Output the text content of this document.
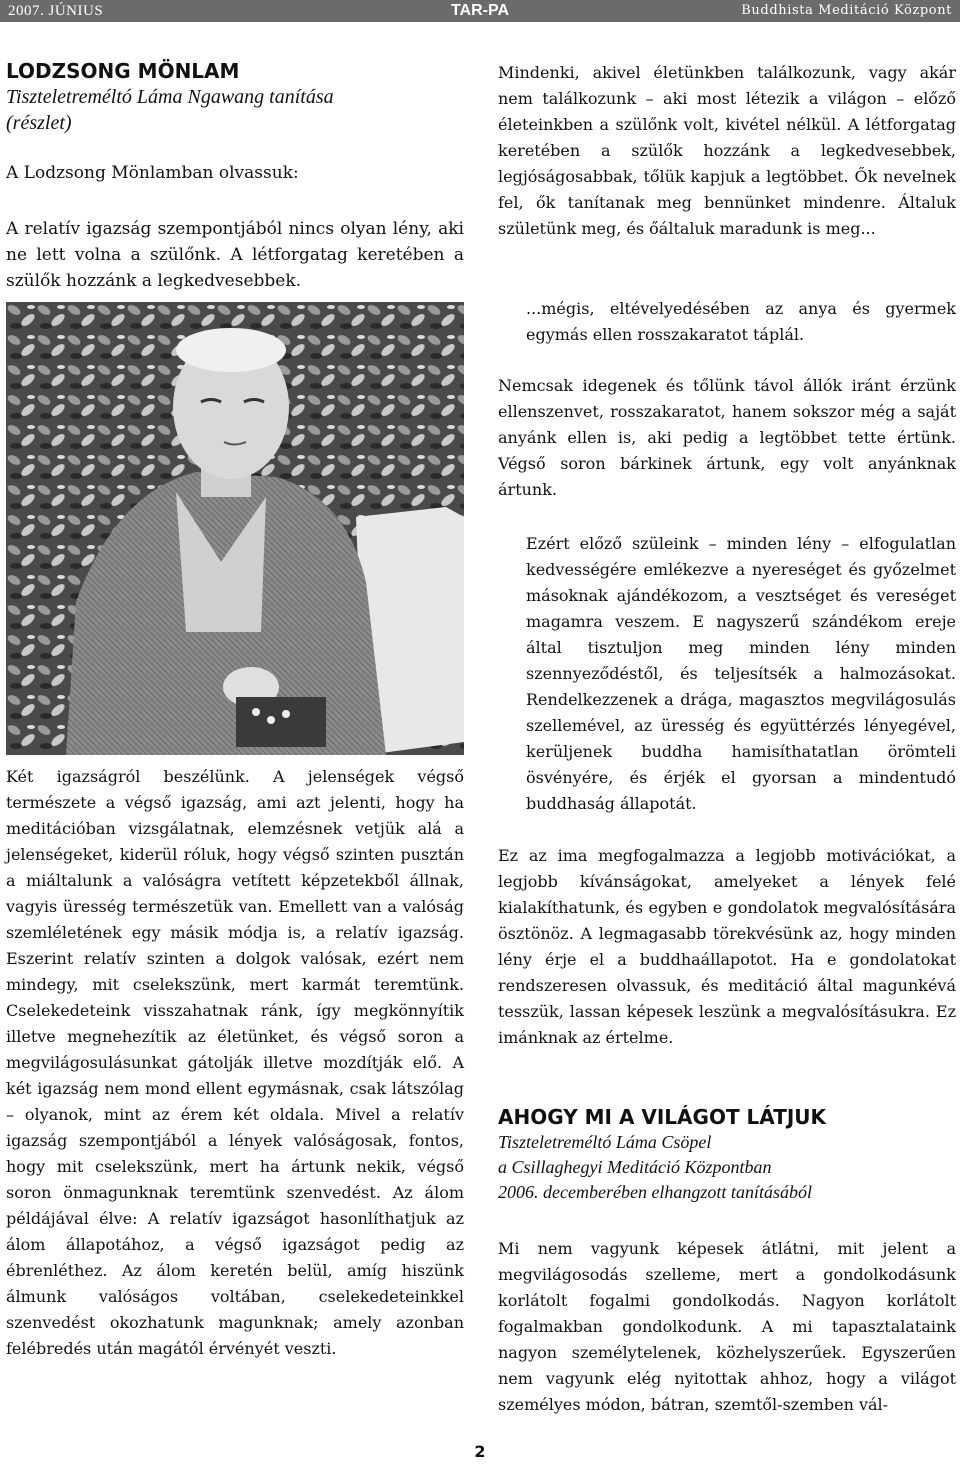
2007. JÚNIUS	TAR-PA	Buddhista Meditáció Központ
LODZSONG MÖNLAM
Tiszteletreméltó Láma Ngawang tanítása
(részlet)
A Lodzsong Mönlamban olvassuk:
A relatív igazság szempontjából nincs olyan lény, aki ne lett volna a szülőnk. A létforgatag keretében a szülők hozzánk a legkedvesebbek.
Mindenki, akivel életünkben találkozunk, vagy akár nem találkozunk – aki most létezik a világon – előző életeinkben a szülőnk volt, kivétel nélkül. A létforgatag keretében a szülők hozzánk a legkedvesebbek, legjóságosabbak, tőlük kapjuk a legtöbbet. Ők nevelnek fel, ők tanítanak meg bennünket mindenre. Általuk születünk meg, és őáltaluk maradunk is meg...
...mégis, eltévelyedésében az anya és gyermek egymás ellen rosszakaratot táplál.
Nemcsak idegenek és tőlünk távol állók iránt érzünk ellenszenvet, rosszakaratot, hanem sokszor még a saját anyánk ellen is, aki pedig a legtöbbet tette értünk. Végső soron bárkinek ártunk, egy volt anyánknak ártunk.
Ezért előző szüleink – minden lény – elfogulatlan kedvességére emlékezve a nyereséget és győzelmet másoknak ajándékozom, a vesztséget és vereséget magamra veszem. E nagyszerű szándékom ereje által tisztuljon meg minden lény minden szennyeződéstől, és teljesítsék a halmozásokat. Rendelkezzenek a drága, magasztos megvilágosulás szellemével, az üresség és együttérzés lényegével, kerüljenek buddha hamisíthatatlan örömteli ösvényére, és érjék el gyorsan a mindentudó buddhaság állapotát.
Ez az ima megfogalmazza a legjobb motivációkat, a legjobb kívánságokat, amelyeket a lények felé kialakíthatunk, és egyben e gondolatok megvalósítására ösztönöz. A legmagasabb törekvésünk az, hogy minden lény érje el a buddhaállapotot. Ha e gondolatokat rendszeresen olvassuk, és meditáció által magunkévá tesszük, lassan képesek leszünk a megvalósításukra. Ez imánknak az értelme.
Két igazságról beszélünk. A jelenségek végső természete a végső igazság, ami azt jelenti, hogy ha meditációban vizsgálatnak, elemzésnek vetjük alá a jelenségeket, kiderül róluk, hogy végső szinten pusztán a miáltalunk a valóságra vetített képzetekből állnak, vagyis üresség természetük van. Emellett van a valóság szemléletének egy másik módja is, a relatív igazság. Eszerint relatív szinten a dolgok valósak, ezért nem mindegy, mit cselekszünk, mert karmát teremtünk. Cselekedeteink visszahatnak ránk, így megkönnyítik illetve megnehezítik az életünket, és végső soron a megvilágosulásunkat gátolják illetve mozdítják elő. A két igazság nem mond ellent egymásnak, csak látszólag – olyanok, mint az érem két oldala. Mivel a relatív igazság szempontjából a lények valóságosak, fontos, hogy mit cselekszünk, mert ha ártunk nekik, végső soron önmagunknak teremtünk szenvedést. Az álom példájával élve: A relatív igazságot hasonlíthatjuk az álom állapotához, a végső igazságot pedig az ébrenléthez. Az álom keretén belül, amíg hiszünk álmunk valóságos voltában, cselekedeteinkkel szenvedést okozhatunk magunknak; amely azonban felébredés után magától érvényét veszti.
AHOGY MI A VILÁGOT LÁTJUK
Tiszteletreméltó Láma Csöpel
a Csillaghegyi Meditáció Központban
2006. decemberében elhangzott tanításából
Mi nem vagyunk képesek átlátni, mit jelent a megvilágosodás szelleme, mert a gondolkodásunk korlátolt fogalmi gondolkodás. Nagyon korlátolt fogalmakban gondolkodunk. A mi tapasztalataink nagyon személytelenek, közhelyszerűek. Egyszerűen nem vagyunk elég nyitottak ahhoz, hogy a világot személyes módon, bátran, szemtől-szemben vál-
2
